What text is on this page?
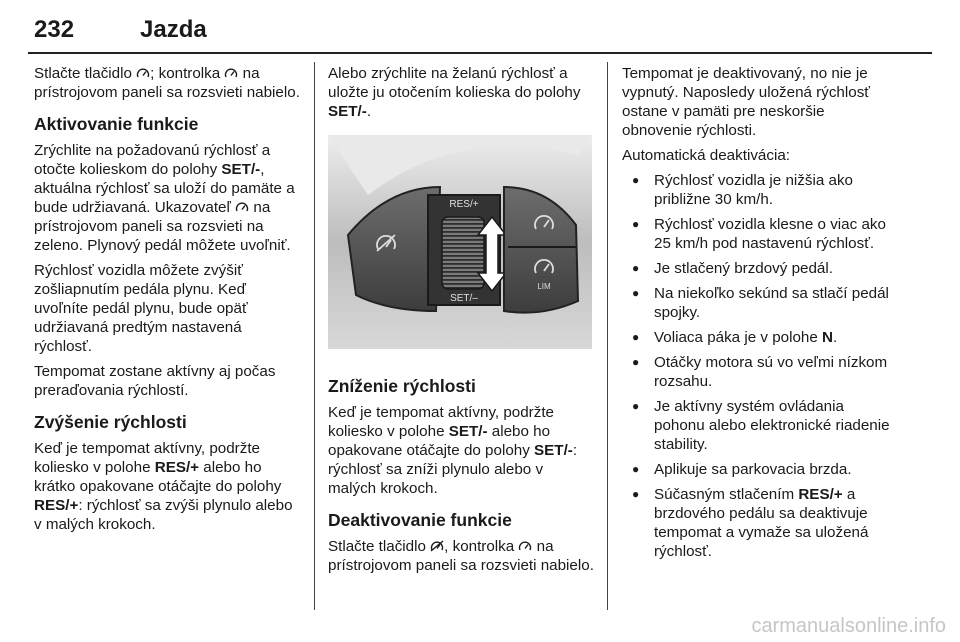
232	Jazda

Stlačte tlačidlo ; kontrolka  na prístrojovom paneli sa rozsvieti nabielo.

Aktivovanie funkcie

Zrýchlite na požadovanú rýchlosť a otočte kolieskom do polohy SET/-, aktuálna rýchlosť sa uloží do pamäte a bude udržiavaná. Ukazovateľ  na prístrojovom paneli sa rozsvieti na zeleno. Plynový pedál môžete uvoľniť.

Rýchlosť vozidla môžete zvýšiť zošliapnutím pedála plynu. Keď uvoľníte pedál plynu, bude opäť udržiavaná predtým nastavená rýchlosť.

Tempomat zostane aktívny aj počas preraďovania rýchlostí.

Zvýšenie rýchlosti

Keď je tempomat aktívny, podržte koliesko v polohe RES/+ alebo ho krátko opakovane otáčajte do polohy RES/+: rýchlosť sa zvýši plynulo alebo v malých krokoch.

Alebo zrýchlite na želanú rýchlosť a uložte ju otočením kolieska do polohy SET/-.

RES/+
SET/–
LIM
Zníženie rýchlosti

Keď je tempomat aktívny, podržte koliesko v polohe SET/- alebo ho opakovane otáčajte do polohy SET/-: rýchlosť sa zníži plynulo alebo v malých krokoch.

Deaktivovanie funkcie

Stlačte tlačidlo , kontrolka  na prístrojovom paneli sa rozsvieti nabielo.

Tempomat je deaktivovaný, no nie je vypnutý. Naposledy uložená rýchlosť ostane v pamäti pre neskoršie obnovenie rýchlosti.

Automatická deaktivácia:

● Rýchlosť vozidla je nižšia ako približne 30 km/h.
● Rýchlosť vozidla klesne o viac ako 25 km/h pod nastavenú rýchlosť.
● Je stlačený brzdový pedál.
● Na niekoľko sekúnd sa stlačí pedál spojky.
● Voliaca páka je v polohe N.
● Otáčky motora sú vo veľmi nízkom rozsahu.
● Je aktívny systém ovládania pohonu alebo elektronické riadenie stability.
● Aplikuje sa parkovacia brzda.
● Súčasným stlačením RES/+ a brzdového pedálu sa deaktivuje tempomat a vymaže sa uložená rýchlosť.
carmanualsonline.info
